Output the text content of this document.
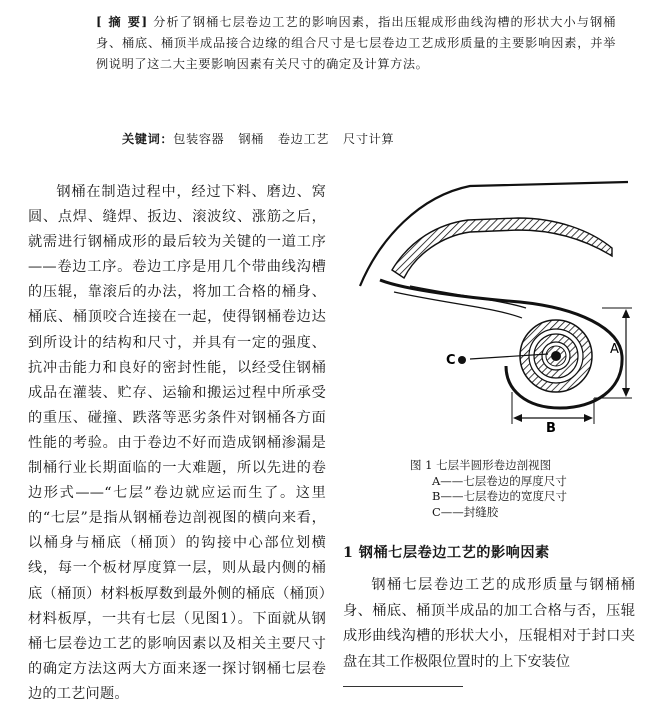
[ 摘 要] 分析了钢桶七层卷边工艺的影响因素，指出压辊成形曲线沟槽的形状大小与钢桶身、桶底、桶顶半成品接合边缘的组合尺寸是七层卷边工艺成形质量的主要影响因素，并举例说明了这二大主要影响因素有关尺寸的确定及计算方法。

关键词：包装容器 钢桶 卷边工艺 尺寸计算

钢桶在制造过程中，经过下料、磨边、窝圆、点焊、缝焊、扳边、滚波纹、涨筋之后，就需进行钢桶成形的最后较为关键的一道工序——卷边工序。卷边工序是用几个带曲线沟槽的压辊，靠滚后的办法，将加工合格的桶身、桶底、桶顶咬合连接在一起，使得钢桶卷边达到所设计的结构和尺寸，并具有一定的强度、抗冲击能力和良好的密封性能，以经受住钢桶成品在灌装、贮存、运输和搬运过程中所承受的重压、碰撞、跌落等恶劣条件对钢桶各方面性能的考验。由于卷边不好而造成钢桶渗漏是制桶行业长期面临的一大难题，所以先进的卷边形式——“七层”卷边就应运而生了。这里的“七层”是指从钢桶卷边剖视图的横向来看，以桶身与桶底（桶顶）的钩接中心部位划横线，每一个板材厚度算一层，则从最内侧的桶底（桶顶）材料板厚数到最外侧的桶底（桶顶）材料板厚，一共有七层（见图1）。下面就从钢桶七层卷边工艺的影响因素以及相关主要尺寸的确定方法这两大方面来逐一探讨钢桶七层卷边的工艺问题。

C
A
B
图 1 七层半圆形卷边剖视图
A——七层卷边的厚度尺寸
B——七层卷边的宽度尺寸
C——封缝胶
1 钢桶七层卷边工艺的影响因素

钢桶七层卷边工艺的成形质量与钢桶桶身、桶底、桶顶半成品的加工合格与否，压辊成形曲线沟槽的形状大小，压辊相对于封口夹盘在其工作极限位置时的上下安装位
